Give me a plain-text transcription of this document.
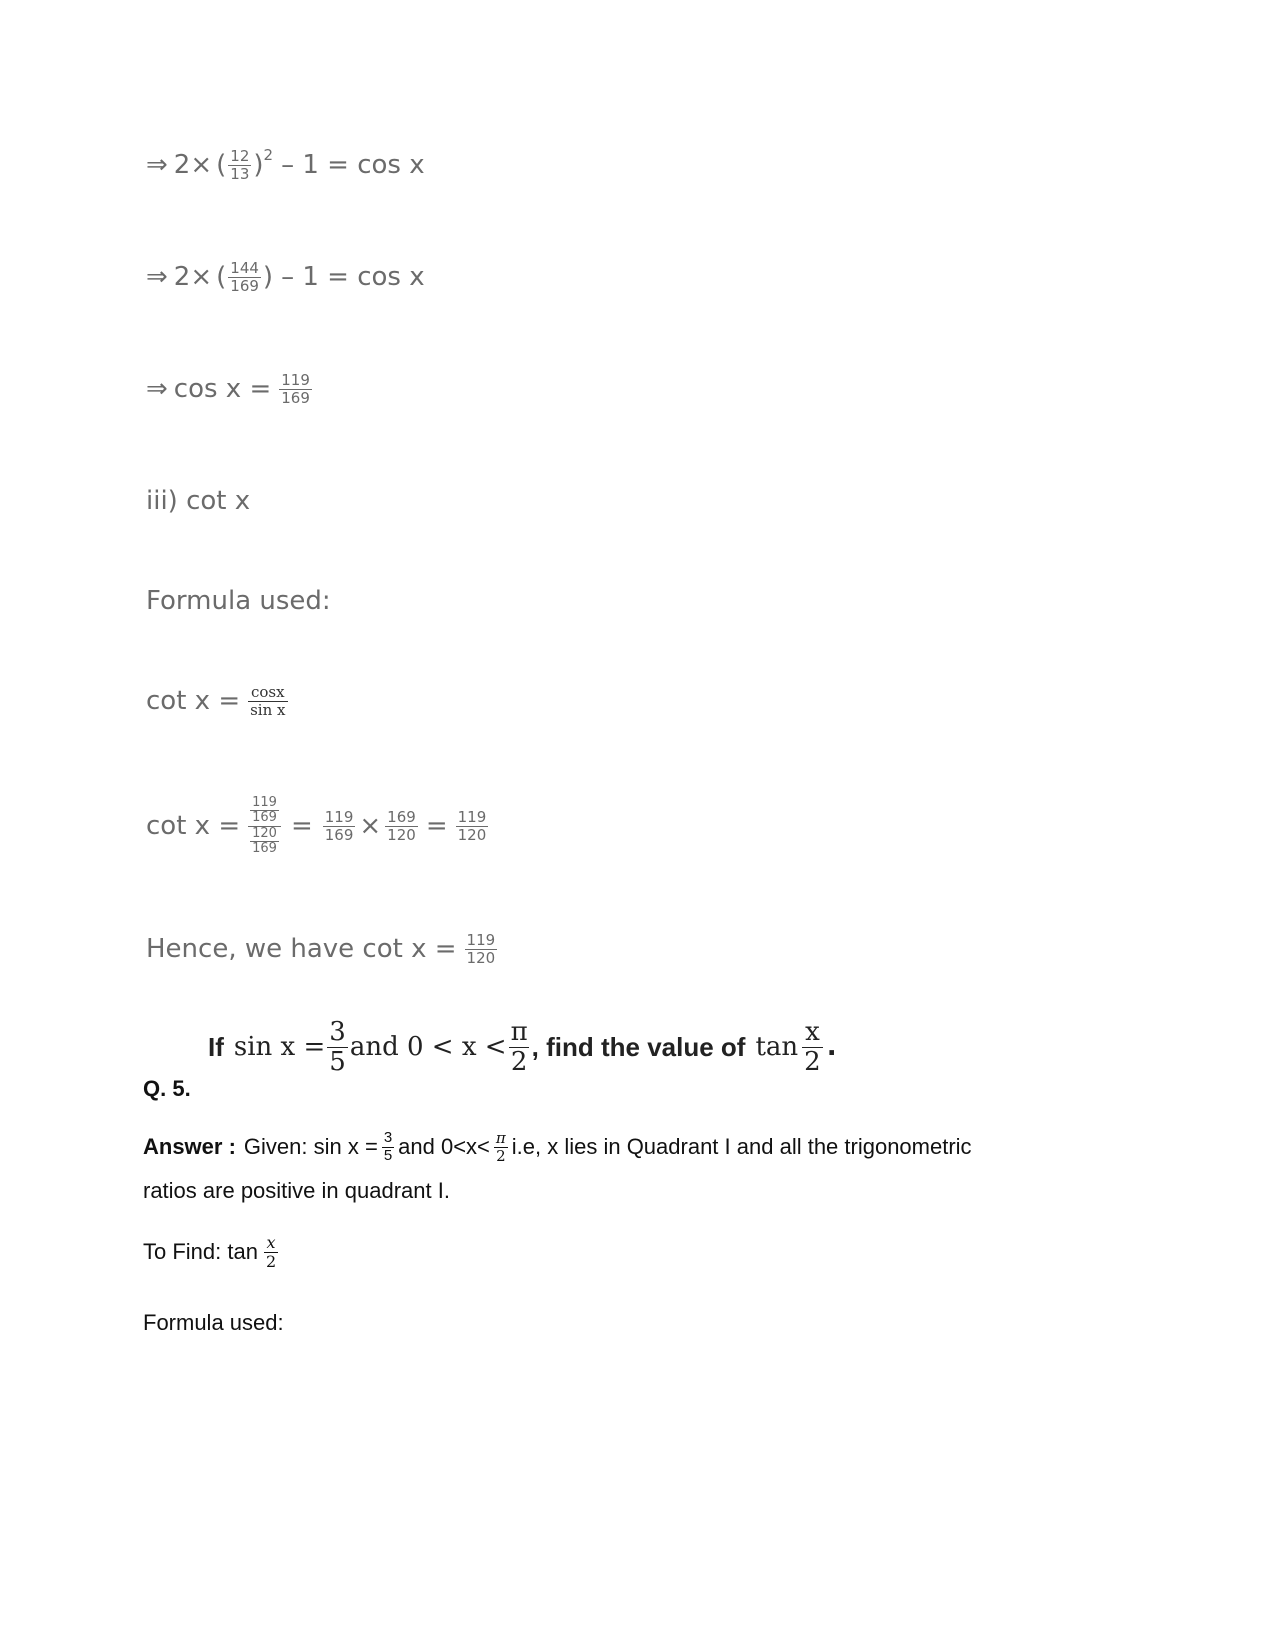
⇒ 2× ( $\frac{12}{13}$ ) 2 – 1 = cos x
⇒ 2× ( $\frac{144}{169}$ ) – 1 = cos x
⇒ $\cos x = \frac{119}{169}$
iii) cot x
Formula used:
$\cot x = \frac{\cos x}{\text{sin x}}$
$\cot x = \frac{\frac{119}{169}}{\frac{120}{169}} = \frac{119}{169} \times \frac{169}{120} = \frac{119}{120}$
Hence, we have $\cot x = \frac{119}{120}$
If $\sin x = \frac{3}{5}$ and $0 < x < \frac{\pi}{2}$ , find the value of $\tan \frac{x}{2}$ .
Q. 5.
Answer : Given: $\sin x = \frac{3}{5}$ and $0<x< \frac{\pi}{2} i.e$, x lies in Quadrant I and all the trigonometric
ratios are positive in quadrant I.
To Find: $\tan \frac{x}{2}$
Formula used:
